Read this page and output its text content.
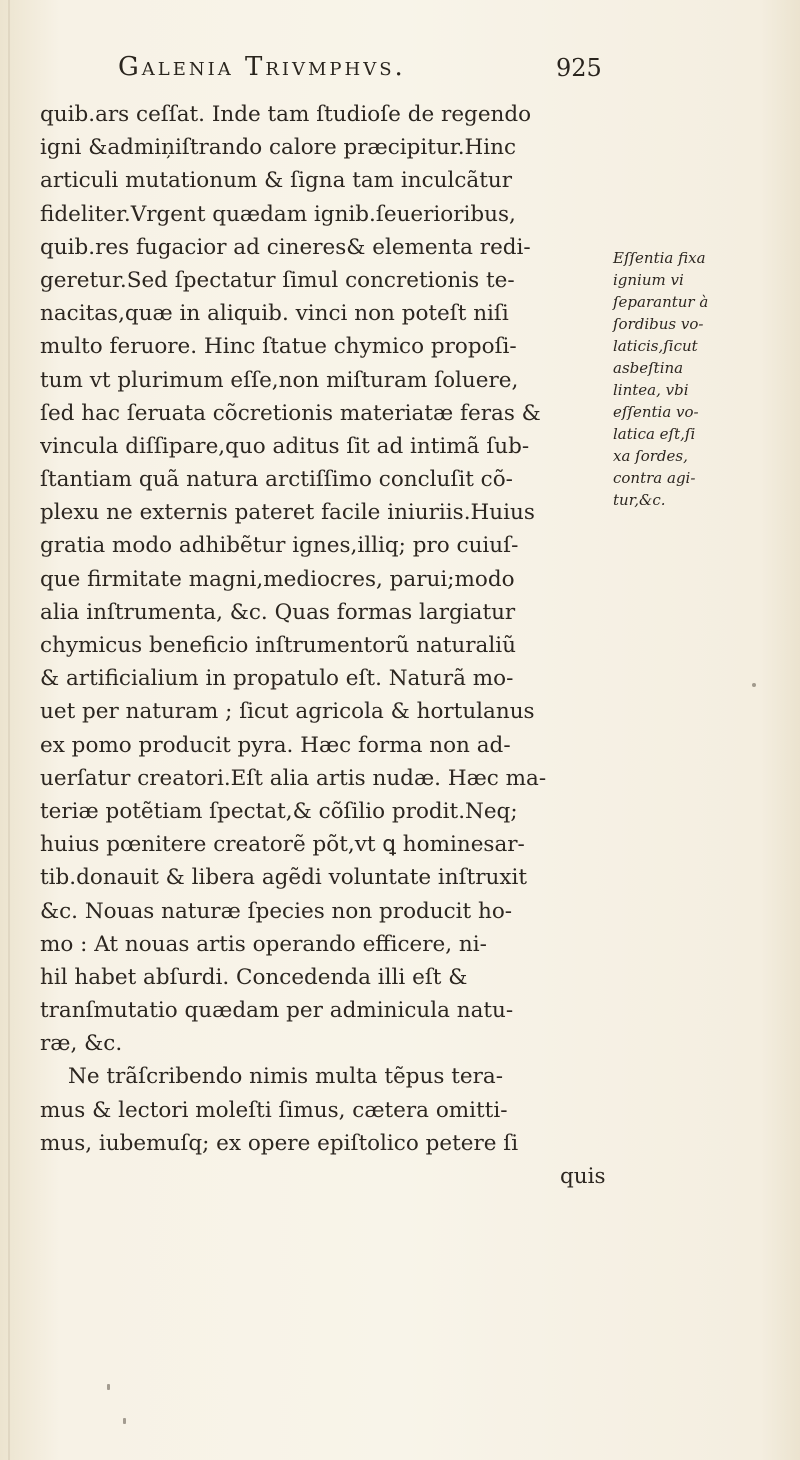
Galenia Trivmphvs.	925
quib.ars ceſſat. Inde tam ſtudioſe de regendo
igni &admiņiſtrando calore præcipitur.Hinc
articuli mutationum & ſigna tam inculcãtur
fideliter.Vrgent quædam ignib.ſeuerioribus,
quib.res fugacior ad cineres& elementa redi-
geretur.Sed ſpectatur ſimul concretionis te-
nacitas,quæ in aliquib. vinci non poteſt niſi
multo feruore. Hinc ſtatue chymico propoſi-
tum vt plurimum eſſe,non miſturam ſoluere,
ſed hac ſeruata cõcretionis materiatæ feras &
vincula diſſipare,quo aditus ſit ad intimã ſub-
ſtantiam quã natura arctiſſimo concluſit cõ-
plexu ne externis pateret facile iniuriis.Huius
gratia modo adhibẽtur ignes,illiq; pro cuiuſ-
que firmitate magni,mediocres, parui;modo
alia inſtrumenta, &c. Quas formas largiatur
chymicus beneficio inſtrumentorũ naturaliũ
& artificialium in propatulo eſt. Naturã mo-
uet per naturam ; ſicut agricola & hortulanus
ex pomo producit pyra. Hæc forma non ad-
uerſatur creatori.Eſt alia artis nudæ. Hæc ma-
teriæ potẽtiam ſpectat,& cõſilio prodit.Neq;
huius pœnitere creatorẽ põt,vt ꝗ hominesar-
tib.donauit & libera agẽdi voluntate inſtruxit
&c. Nouas naturæ ſpecies non producit ho-
mo : At nouas artis operando efficere, ni-
hil habet abſurdi. Concedenda illi eſt &
tranſmutatio quædam per adminicula natu-
ræ, &c.
Ne trãſcribendo nimis multa tẽpus tera-
mus & lectori moleſti ſimus, cætera omitti-
mus, iubemuſq; ex opere epiſtolico petere ſi
quis
Eſſentia fixa
ignium vi
ſeparantur à
ſordibus vo-
laticis,ſicut
asbeſtina
lintea, vbi
eſſentia vo-
latica eſt,ſi
xa ſordes,
contra agi-
tur,&c.
